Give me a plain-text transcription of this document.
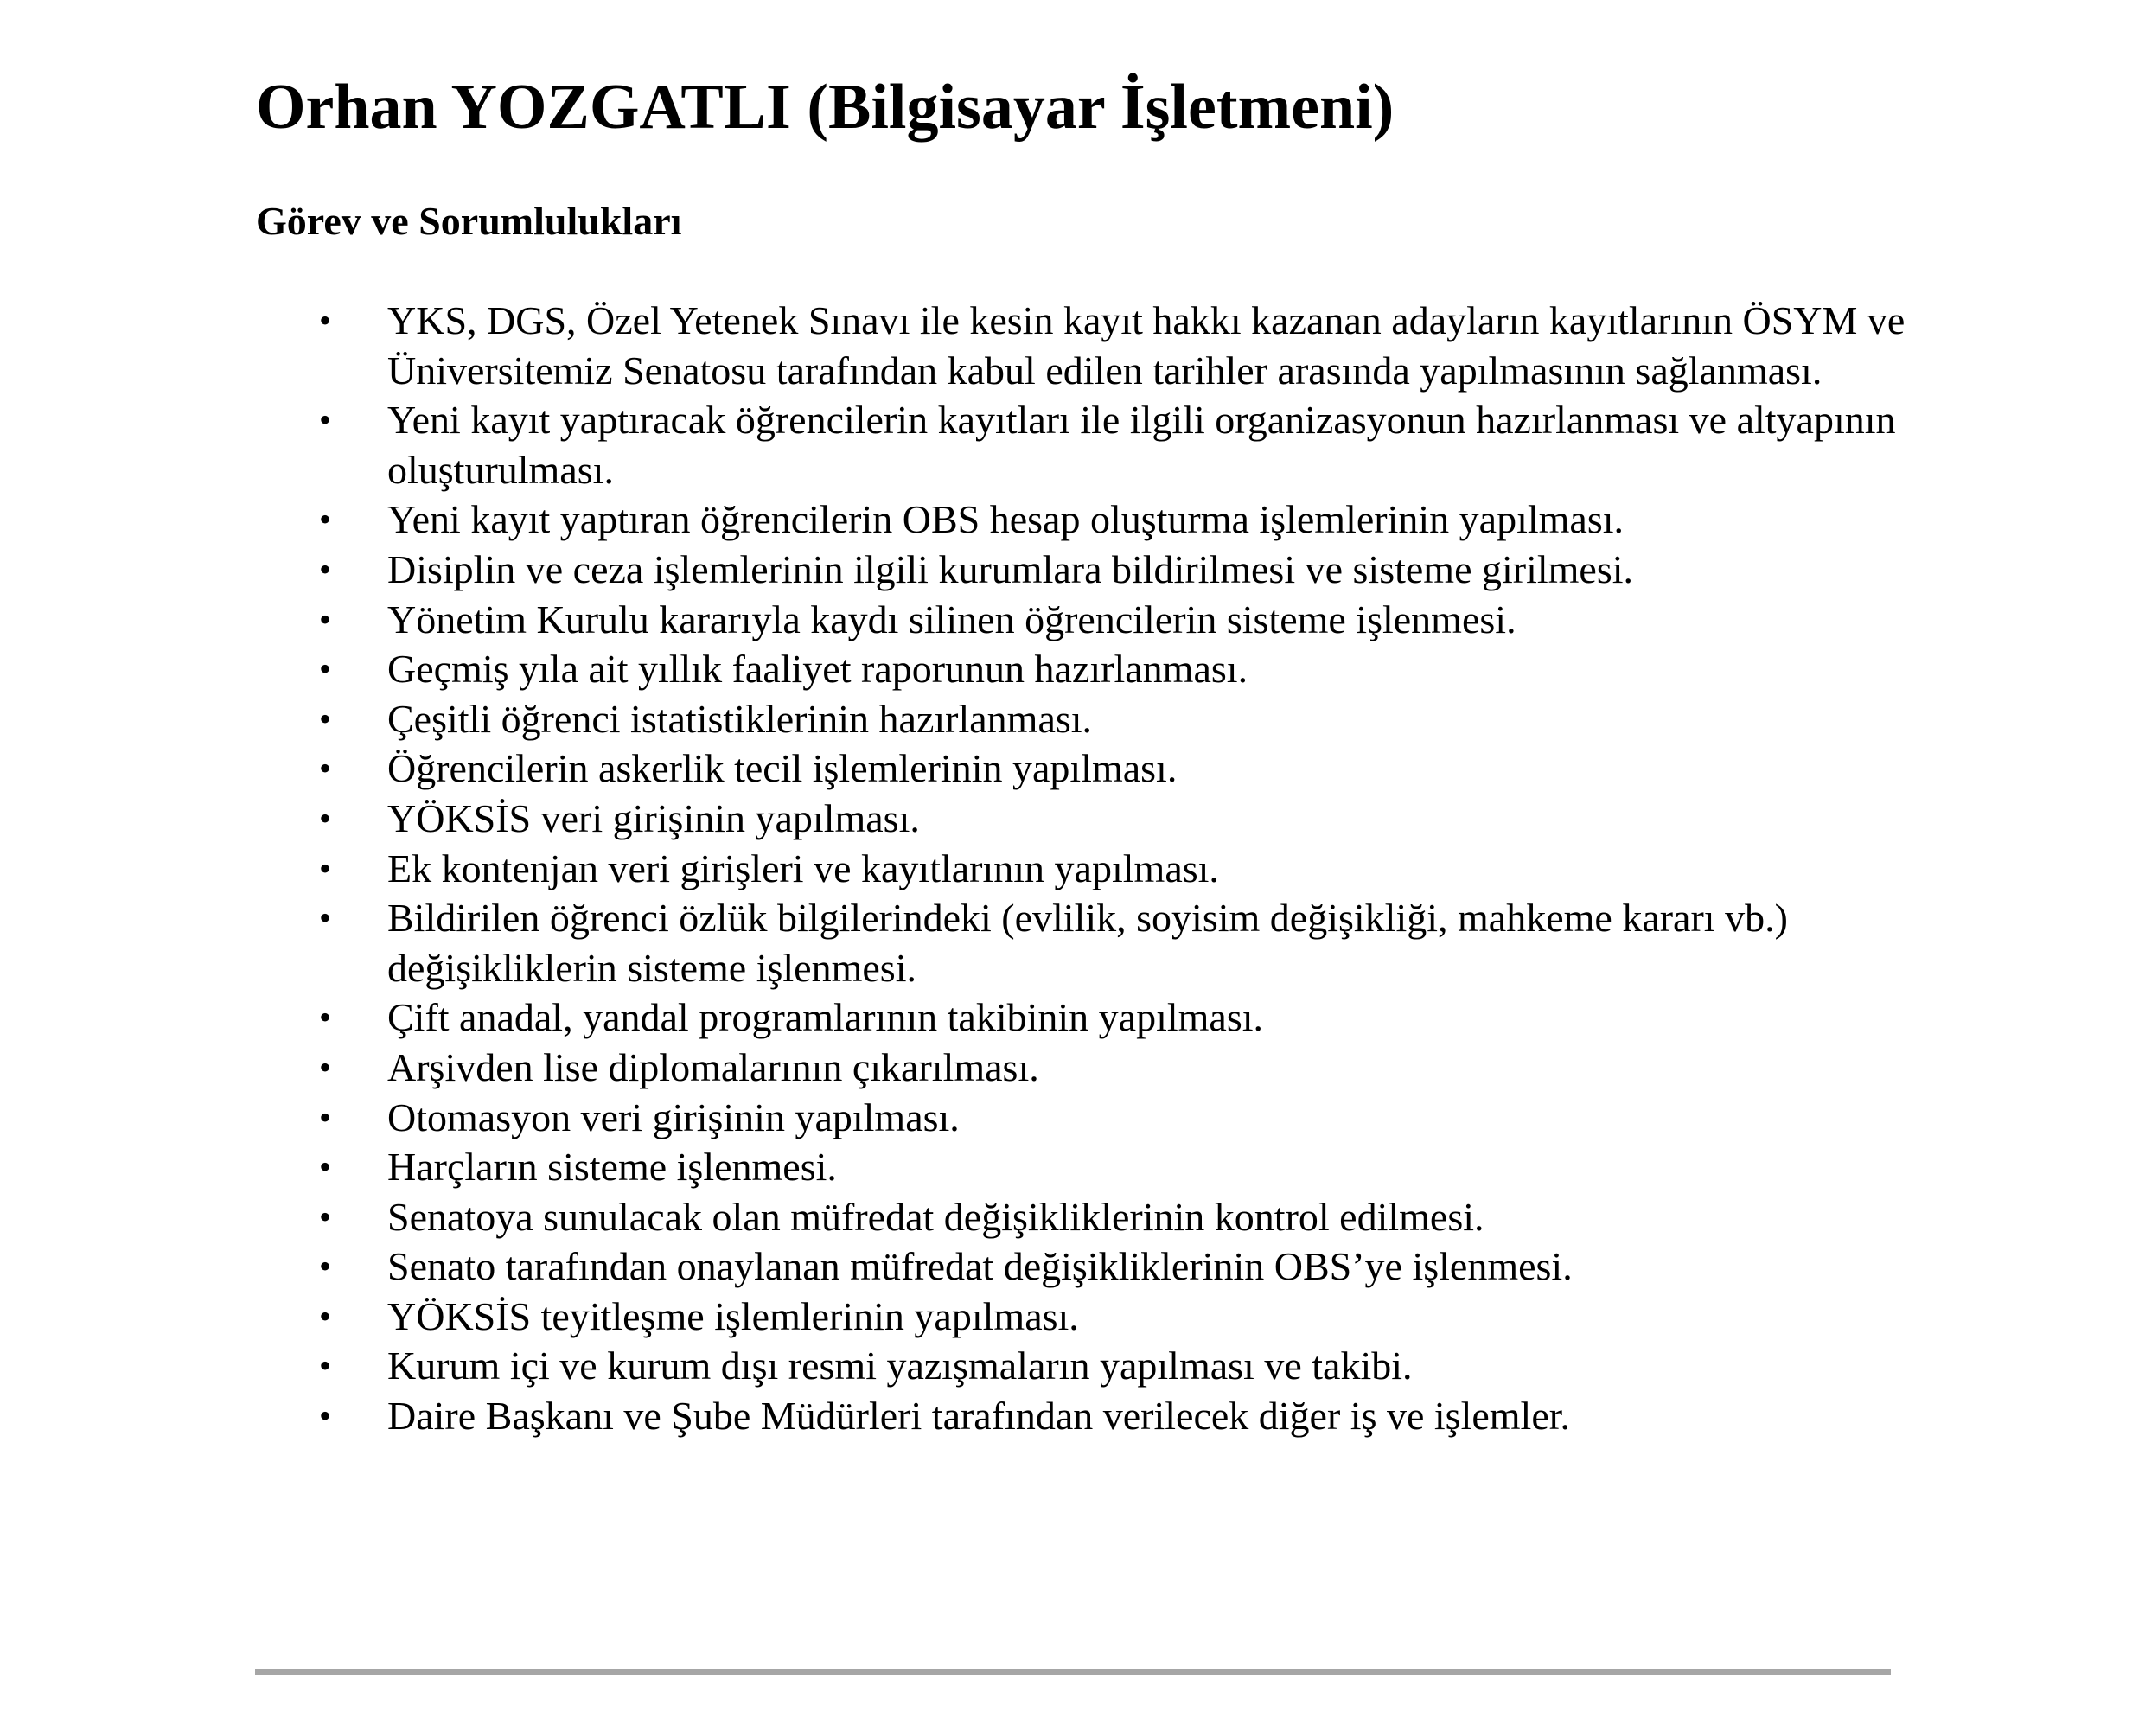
Orhan YOZGATLI (Bilgisayar İşletmeni)
Görev ve Sorumlulukları
• YKS, DGS, Özel Yetenek Sınavı ile kesin kayıt hakkı kazanan adayların kayıtlarının ÖSYM ve Üniversitemiz Senatosu tarafından kabul edilen tarihler arasında yapılmasının sağlanması.
• Yeni kayıt yaptıracak öğrencilerin kayıtları ile ilgili organizasyonun hazırlanması ve altyapının oluşturulması.
• Yeni kayıt yaptıran öğrencilerin OBS hesap oluşturma işlemlerinin yapılması.
• Disiplin ve ceza işlemlerinin ilgili kurumlara bildirilmesi ve sisteme girilmesi.
• Yönetim Kurulu kararıyla kaydı silinen öğrencilerin sisteme işlenmesi.
• Geçmiş yıla ait yıllık faaliyet raporunun hazırlanması.
• Çeşitli öğrenci istatistiklerinin hazırlanması.
• Öğrencilerin askerlik tecil işlemlerinin yapılması.
• YÖKSİS veri girişinin yapılması.
• Ek kontenjan veri girişleri ve kayıtlarının yapılması.
• Bildirilen öğrenci özlük bilgilerindeki (evlilik, soyisim değişikliği, mahkeme kararı vb.) değişikliklerin sisteme işlenmesi.
• Çift anadal, yandal programlarının takibinin yapılması.
• Arşivden lise diplomalarının çıkarılması.
• Otomasyon veri girişinin yapılması.
• Harçların sisteme işlenmesi.
• Senatoya sunulacak olan müfredat değişikliklerinin kontrol edilmesi.
• Senato tarafından onaylanan müfredat değişikliklerinin OBS’ye işlenmesi.
• YÖKSİS teyitleşme işlemlerinin yapılması.
• Kurum içi ve kurum dışı resmi yazışmaların yapılması ve takibi.
• Daire Başkanı ve Şube Müdürleri tarafından verilecek diğer iş ve işlemler.
